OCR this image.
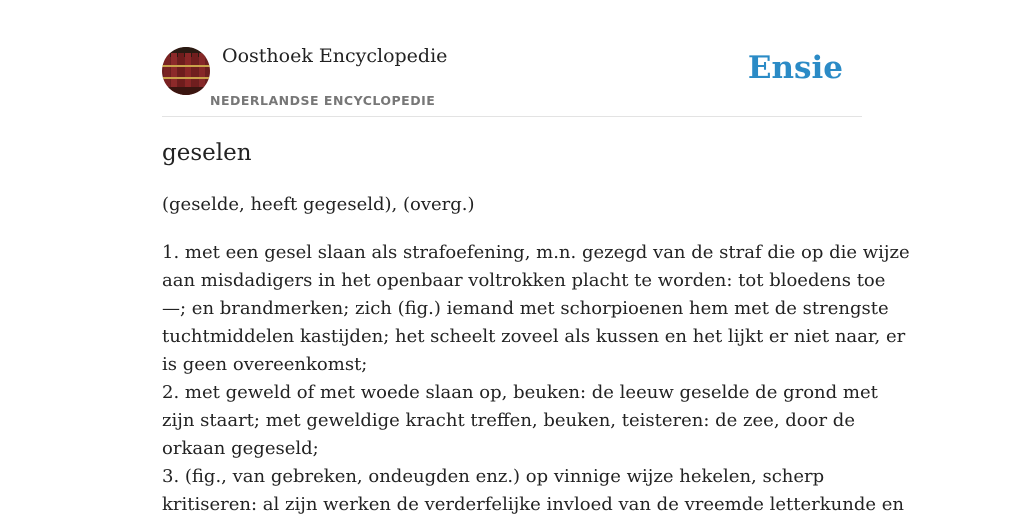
Oosthoek Encyclopedie
NEDERLANDSE ENCYCLOPEDIE
Ensie
geselen
(geselde, heeft gegeseld), (overg.)
1. met een gesel slaan als strafoefening, m.n. gezegd van de straf die op die wijze
aan misdadigers in het openbaar voltrokken placht te worden: tot bloedens toe
—; en brandmerken; zich (fig.) iemand met schorpioenen hem met de strengste
tuchtmiddelen kastijden; het scheelt zoveel als kussen en het lijkt er niet naar, er
is geen overeenkomst;
2. met geweld of met woede slaan op, beuken: de leeuw geselde de grond met
zijn staart; met geweldige kracht treffen, beuken, teisteren: de zee, door de
orkaan gegeseld;
3. (fig., van gebreken, ondeugden enz.) op vinnige wijze hekelen, scherp
kritiseren: al zijn werken de verderfelijke invloed van de vreemde letterkunde en
